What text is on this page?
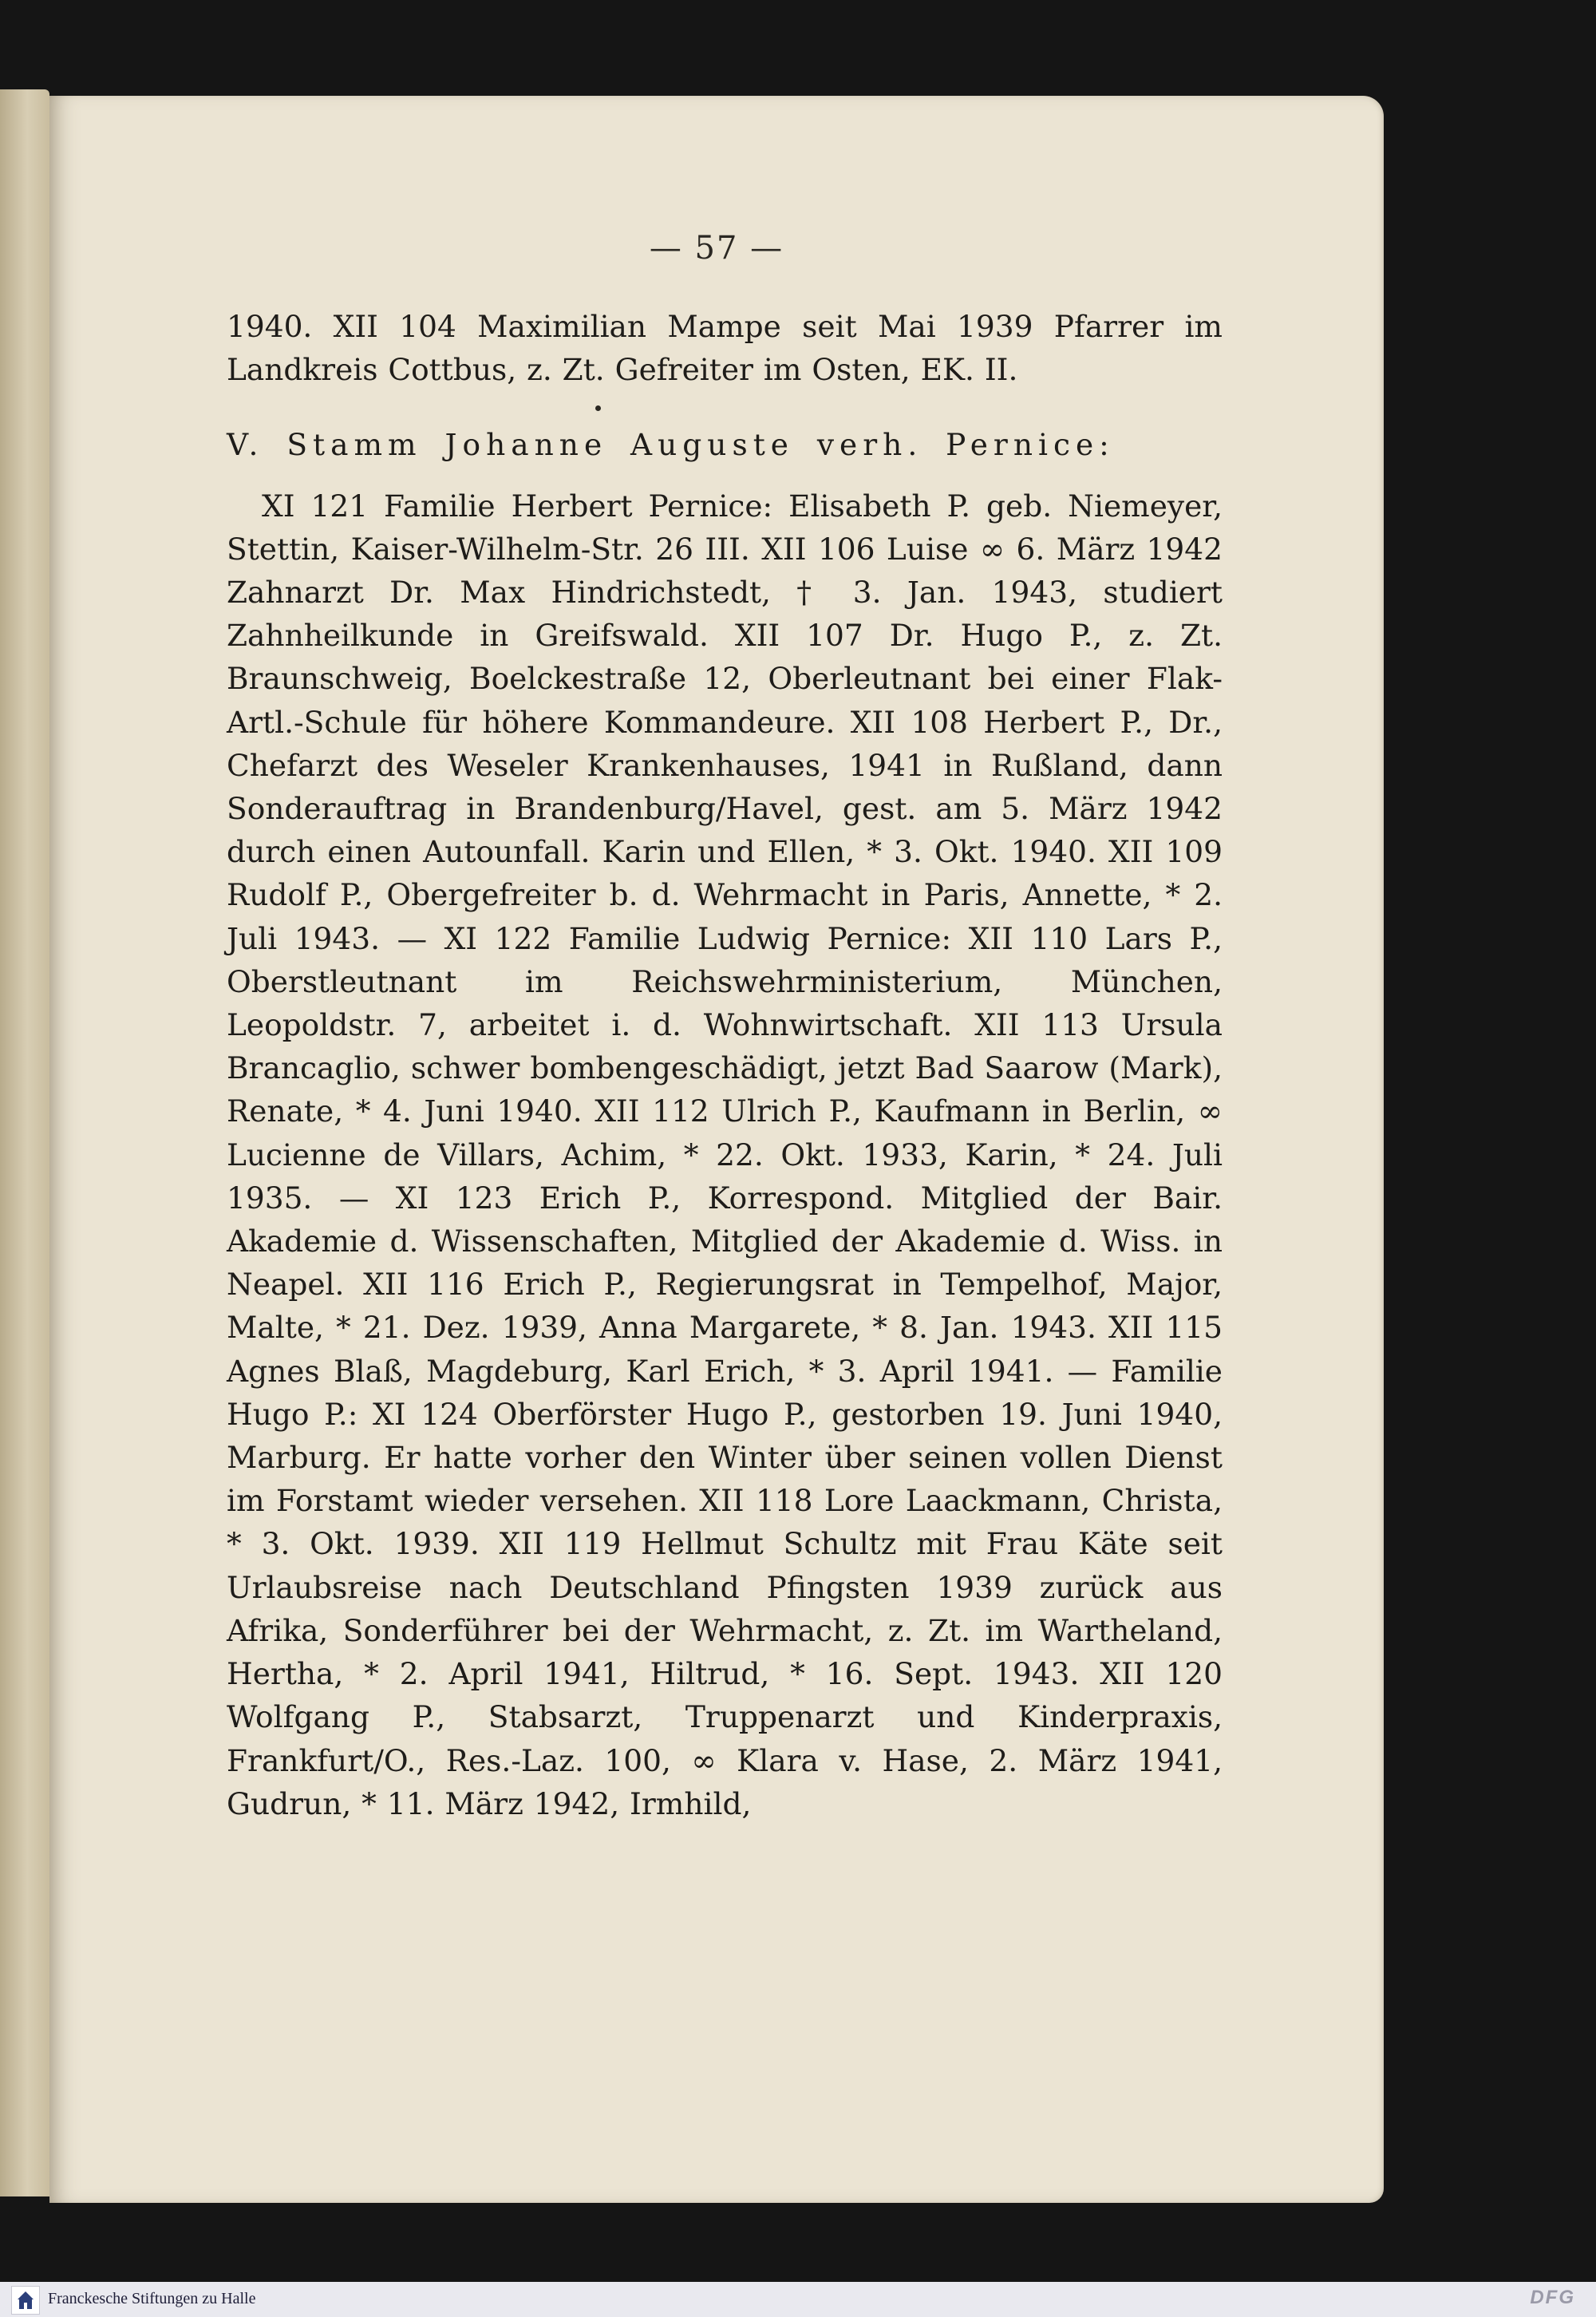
— 57 —

1940. XII 104 Maximilian Mampe seit Mai 1939 Pfarrer im Landkreis Cottbus, z. Zt. Gefreiter im Osten, EK. II.

V. Stamm Johanne Auguste verh. Pernice:

XI 121 Familie Herbert Pernice: Elisabeth P. geb. Niemeyer, Stettin, Kaiser-Wilhelm-Str. 26 III. XII 106 Luise ∞ 6. März 1942 Zahnarzt Dr. Max Hindrichstedt, † 3. Jan. 1943, studiert Zahnheilkunde in Greifswald. XII 107 Dr. Hugo P., z. Zt. Braunschweig, Boelckestraße 12, Oberleutnant bei einer Flak-Artl.-Schule für höhere Kommandeure. XII 108 Herbert P., Dr., Chefarzt des Weseler Krankenhauses, 1941 in Rußland, dann Sonderauftrag in Brandenburg/Havel, gest. am 5. März 1942 durch einen Autounfall. Karin und Ellen, * 3. Okt. 1940. XII 109 Rudolf P., Obergefreiter b. d. Wehrmacht in Paris, Annette, * 2. Juli 1943. — XI 122 Familie Ludwig Pernice: XII 110 Lars P., Oberstleutnant im Reichswehrministerium, München, Leopoldstr. 7, arbeitet i. d. Wohnwirtschaft. XII 113 Ursula Brancaglio, schwer bombengeschädigt, jetzt Bad Saarow (Mark), Renate, * 4. Juni 1940. XII 112 Ulrich P., Kaufmann in Berlin, ∞ Lucienne de Villars, Achim, * 22. Okt. 1933, Karin, * 24. Juli 1935. — XI 123 Erich P., Korrespond. Mitglied der Bair. Akademie d. Wissenschaften, Mitglied der Akademie d. Wiss. in Neapel. XII 116 Erich P., Regierungsrat in Tempelhof, Major, Malte, * 21. Dez. 1939, Anna Margarete, * 8. Jan. 1943. XII 115 Agnes Blaß, Magdeburg, Karl Erich, * 3. April 1941. — Familie Hugo P.: XI 124 Oberförster Hugo P., gestorben 19. Juni 1940, Marburg. Er hatte vorher den Winter über seinen vollen Dienst im Forstamt wieder versehen. XII 118 Lore Laackmann, Christa, * 3. Okt. 1939. XII 119 Hellmut Schultz mit Frau Käte seit Urlaubsreise nach Deutschland Pfingsten 1939 zurück aus Afrika, Sonderführer bei der Wehrmacht, z. Zt. im Wartheland, Hertha, * 2. April 1941, Hiltrud, * 16. Sept. 1943. XII 120 Wolfgang P., Stabsarzt, Truppenarzt und Kinderpraxis, Frankfurt/O., Res.-Laz. 100, ∞ Klara v. Hase, 2. März 1941, Gudrun, * 11. März 1942, Irmhild,

Franckesche Stiftungen zu Halle	DFG
